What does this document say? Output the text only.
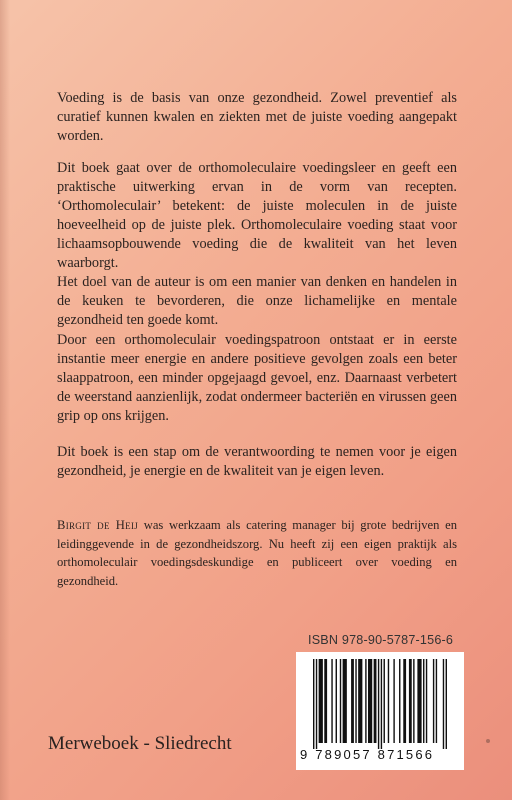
Voeding is de basis van onze gezondheid. Zowel preventief als curatief kunnen kwalen en ziekten met de juiste voeding aangepakt worden.

Dit boek gaat over de orthomoleculaire voedingsleer en geeft een praktische uitwerking ervan in de vorm van recepten. ‘Orthomoleculair’ betekent: de juiste moleculen in de juiste hoeveelheid op de juiste plek. Orthomoleculaire voeding staat voor lichaamsopbouwende voeding die de kwaliteit van het leven waarborgt.

Het doel van de auteur is om een manier van denken en handelen in de keuken te bevorderen, die onze lichamelijke en mentale gezondheid ten goede komt.

Door een orthomoleculair voedingspatroon ontstaat er in eerste instantie meer energie en andere positieve gevolgen zoals een beter slaappatroon, een minder opgejaagd gevoel, enz. Daarnaast verbetert de weerstand aanzienlijk, zodat ondermeer bacteriën en virussen geen grip op ons krijgen.

Dit boek is een stap om de verantwoording te nemen voor je eigen gezondheid, je energie en de kwaliteit van je eigen leven.

Birgit de Heij was werkzaam als catering manager bij grote bedrijven en leidinggevende in de gezondheidszorg. Nu heeft zij een eigen praktijk als orthomoleculair voedingsdeskundige en publiceert over voeding en gezondheid.

ISBN 978-90-5787-156-6
9 789057 871566
Merweboek - Sliedrecht
